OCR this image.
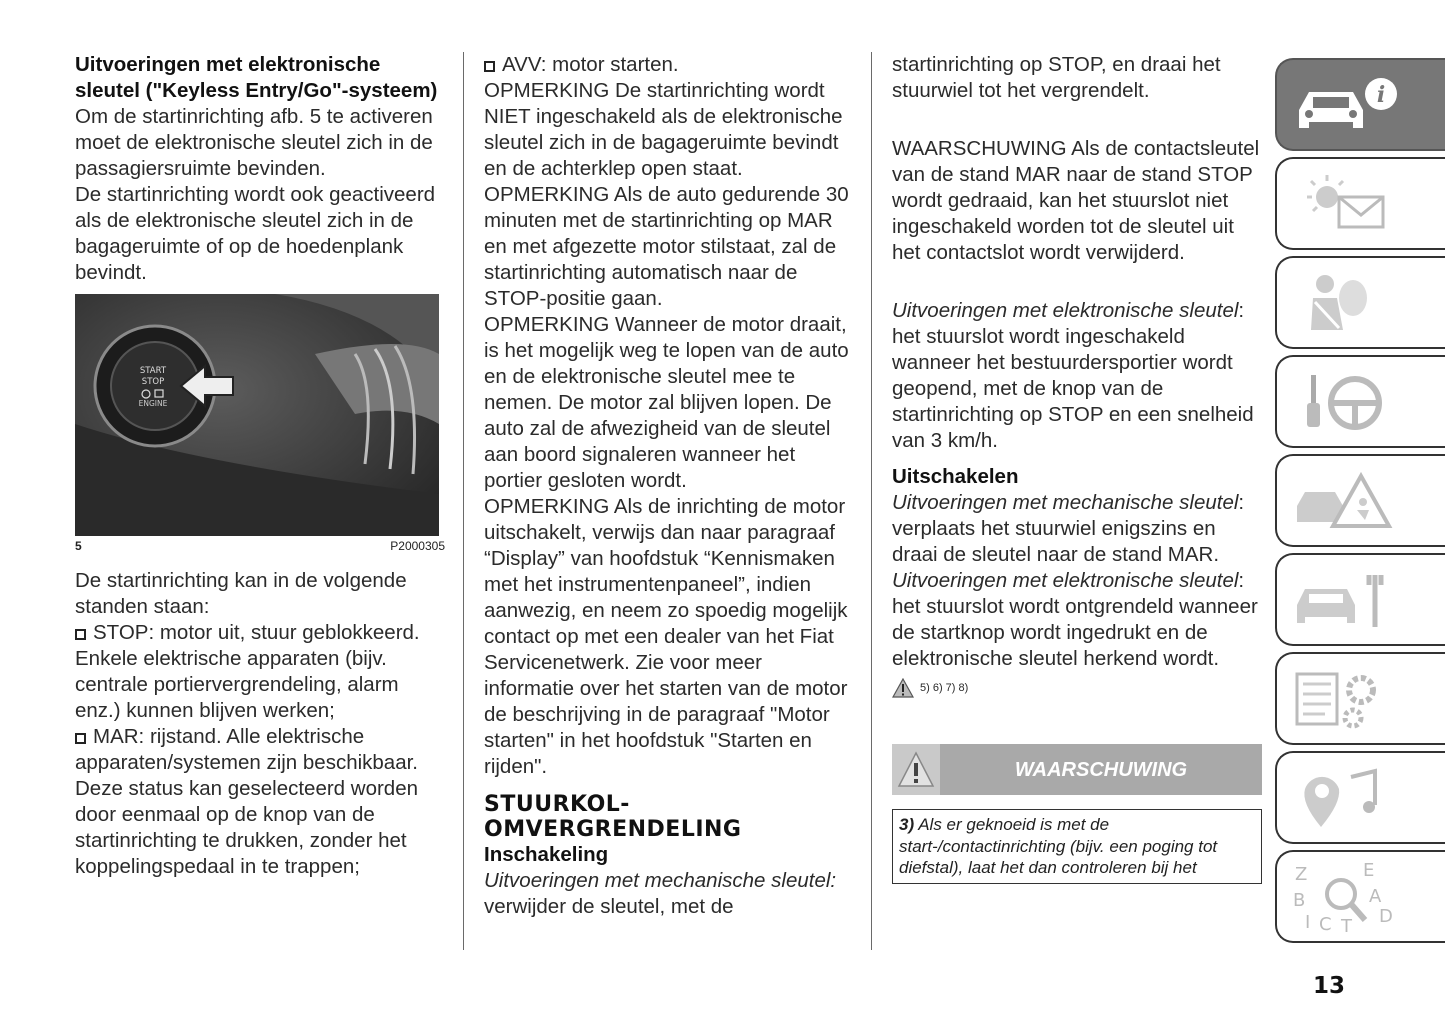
Uitvoeringen met elektronische sleutel ("Keyless Entry/Go"-systeem)

Om de startinrichting afb. 5 te activeren moet de elektronische sleutel zich in de passagiersruimte bevinden.

De startinrichting wordt ook geactiveerd als de elektronische sleutel zich in de bagageruimte of op de hoedenplank bevindt.

START
STOP
ENGINE
5	P2000305

De startinrichting kan in de volgende standen staan:

STOP: motor uit, stuur geblokkeerd. Enkele elektrische apparaten (bijv. centrale portiervergrendeling, alarm enz.) kunnen blijven werken;

MAR: rijstand. Alle elektrische apparaten/systemen zijn beschikbaar. Deze status kan geselecteerd worden door eenmaal op de knop van de startinrichting te drukken, zonder het koppelingspedaal in te trappen;

AVV: motor starten.

OPMERKING De startinrichting wordt NIET ingeschakeld als de elektronische sleutel zich in de bagageruimte bevindt en de achterklep open staat.

OPMERKING Als de auto gedurende 30 minuten met de startinrichting op MAR en met afgezette motor stilstaat, zal de startinrichting automatisch naar de STOP-positie gaan.

OPMERKING Wanneer de motor draait, is het mogelijk weg te lopen van de auto en de elektronische sleutel mee te nemen. De motor zal blijven lopen. De auto zal de afwezigheid van de sleutel aan boord signaleren wanneer het portier gesloten wordt.

OPMERKING Als de inrichting de motor uitschakelt, verwijs dan naar paragraaf “Display” van hoofdstuk “Kennismaken met het instrumentenpaneel”, indien aanwezig, en neem zo spoedig mogelijk contact op met een dealer van het Fiat Servicenetwerk. Zie voor meer informatie over het starten van de motor de beschrijving in de paragraaf "Motor starten" in het hoofdstuk "Starten en rijden".

STUURKOL-
OMVERGRENDELING

Inschakeling

Uitvoeringen met mechanische sleutel: verwijder de sleutel, met de

startinrichting op STOP, en draai het stuurwiel tot het vergrendelt.

WAARSCHUWING Als de contactsleutel van de stand MAR naar de stand STOP wordt gedraaid, kan het stuurslot niet ingeschakeld worden tot de sleutel uit het contactslot wordt verwijderd.

Uitvoeringen met elektronische sleutel: het stuurslot wordt ingeschakeld wanneer het bestuurdersportier wordt geopend, met de knop van de startinrichting op STOP en een snelheid van 3 km/h.

Uitschakelen

Uitvoeringen met mechanische sleutel: verplaats het stuurwiel enigszins en draai de sleutel naar de stand MAR.

Uitvoeringen met elektronische sleutel: het stuurslot wordt ontgrendeld wanneer de startknop wordt ingedrukt en de elektronische sleutel herkend wordt.

5) 6) 7) 8)
WAARSCHUWING
3) Als er geknoeid is met de start-/contactinrichting (bijv. een poging tot diefstal), laat het dan controleren bij het
i
Z	E
B	A
C	D
I T
13
